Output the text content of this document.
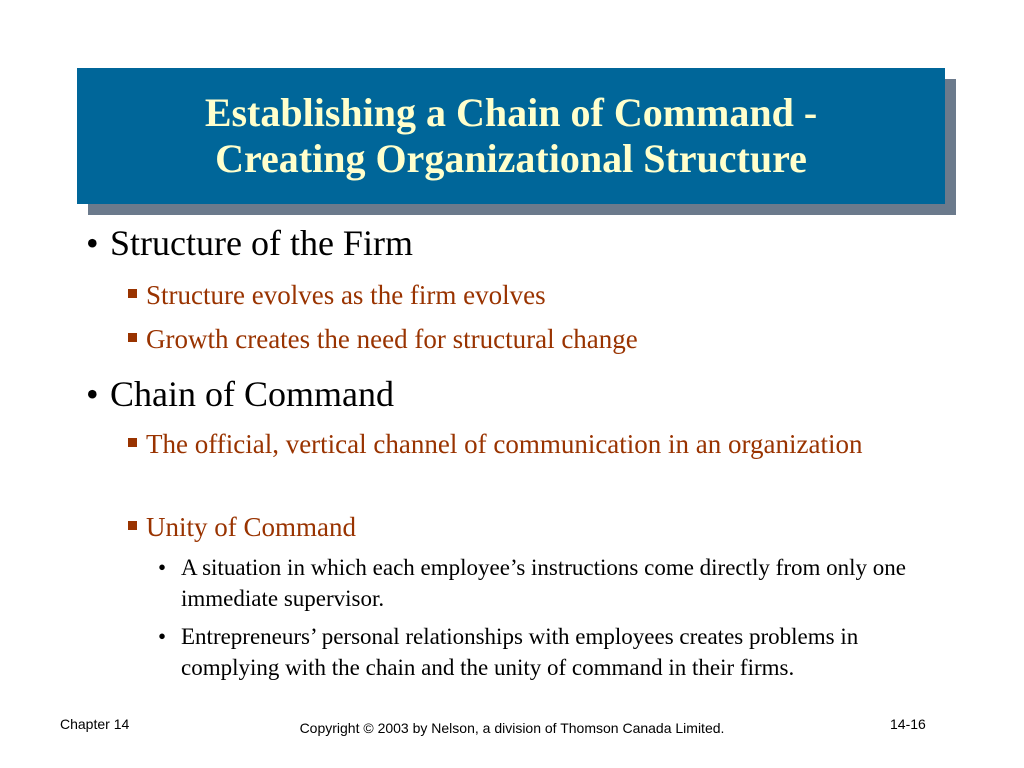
Establishing a Chain of Command -
Creating Organizational Structure
• Structure of the Firm
Structure evolves as the firm evolves
Growth creates the need for structural change
• Chain of Command
The official, vertical channel of communication in an organization
Unity of Command
• A situation in which each employee’s instructions come directly from only one immediate supervisor.
• Entrepreneurs’ personal relationships with employees creates problems in complying with the chain and the unity of command in their firms.
Chapter 14	Copyright © 2003 by Nelson, a division of Thomson Canada Limited.	14-16
